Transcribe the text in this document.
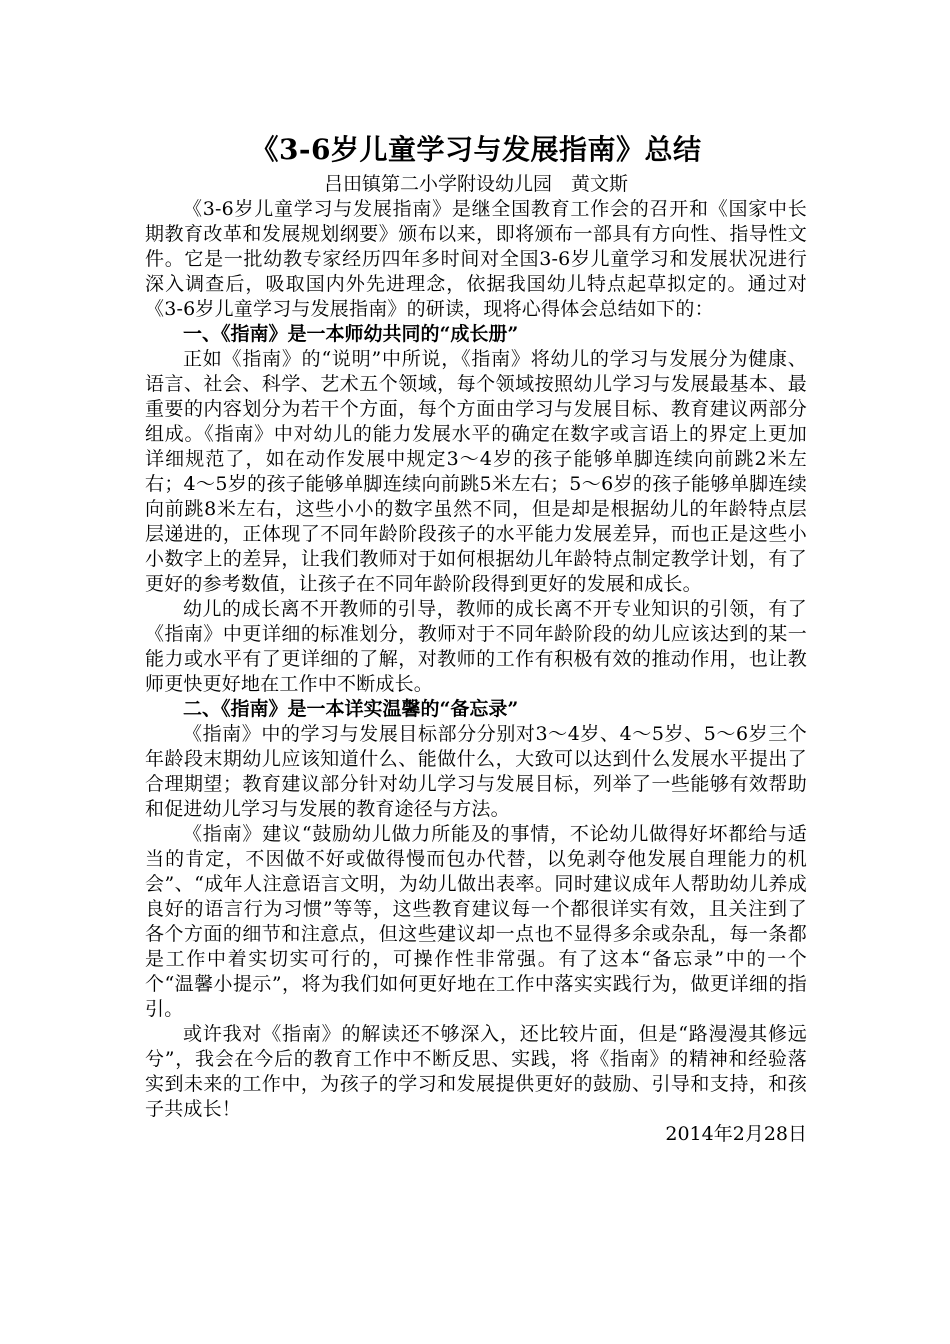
《3-6岁儿童学习与发展指南》总结

吕田镇第二小学附设幼儿园　黄文斯

《3-6岁儿童学习与发展指南》是继全国教育工作会的召开和《国家中长期教育改革和发展规划纲要》颁布以来，即将颁布一部具有方向性、指导性文件。它是一批幼教专家经历四年多时间对全国3-6岁儿童学习和发展状况进行深入调查后，吸取国内外先进理念，依据我国幼儿特点起草拟定的。通过对《3-6岁儿童学习与发展指南》的研读，现将心得体会总结如下的：

一、《指南》是一本师幼共同的“成长册”

正如《指南》的“说明”中所说，《指南》将幼儿的学习与发展分为健康、语言、社会、科学、艺术五个领域，每个领域按照幼儿学习与发展最基本、最重要的内容划分为若干个方面，每个方面由学习与发展目标、教育建议两部分组成。《指南》中对幼儿的能力发展水平的确定在数字或言语上的界定上更加详细规范了，如在动作发展中规定3～4岁的孩子能够单脚连续向前跳2米左右；4～5岁的孩子能够单脚连续向前跳5米左右；5～6岁的孩子能够单脚连续向前跳8米左右，这些小小的数字虽然不同，但是却是根据幼儿的年龄特点层层递进的，正体现了不同年龄阶段孩子的水平能力发展差异，而也正是这些小小数字上的差异，让我们教师对于如何根据幼儿年龄特点制定教学计划，有了更好的参考数值，让孩子在不同年龄阶段得到更好的发展和成长。

幼儿的成长离不开教师的引导，教师的成长离不开专业知识的引领，有了《指南》中更详细的标准划分，教师对于不同年龄阶段的幼儿应该达到的某一能力或水平有了更详细的了解，对教师的工作有积极有效的推动作用，也让教师更快更好地在工作中不断成长。

二、《指南》是一本详实温馨的“备忘录”

《指南》中的学习与发展目标部分分别对3～4岁、4～5岁、5～6岁三个年龄段末期幼儿应该知道什么、能做什么，大致可以达到什么发展水平提出了合理期望；教育建议部分针对幼儿学习与发展目标，列举了一些能够有效帮助和促进幼儿学习与发展的教育途径与方法。

《指南》建议“鼓励幼儿做力所能及的事情，不论幼儿做得好坏都给与适当的肯定，不因做不好或做得慢而包办代替，以免剥夺他发展自理能力的机会”、“成年人注意语言文明，为幼儿做出表率。同时建议成年人帮助幼儿养成良好的语言行为习惯”等等，这些教育建议每一个都很详实有效，且关注到了各个方面的细节和注意点，但这些建议却一点也不显得多余或杂乱，每一条都是工作中着实切实可行的，可操作性非常强。有了这本“备忘录”中的一个个“温馨小提示”，将为我们如何更好地在工作中落实实践行为，做更详细的指引。

或许我对《指南》的解读还不够深入，还比较片面，但是“路漫漫其修远兮”，我会在今后的教育工作中不断反思、实践，将《指南》的精神和经验落实到未来的工作中，为孩子的学习和发展提供更好的鼓励、引导和支持，和孩子共成长！

2014年2月28日
